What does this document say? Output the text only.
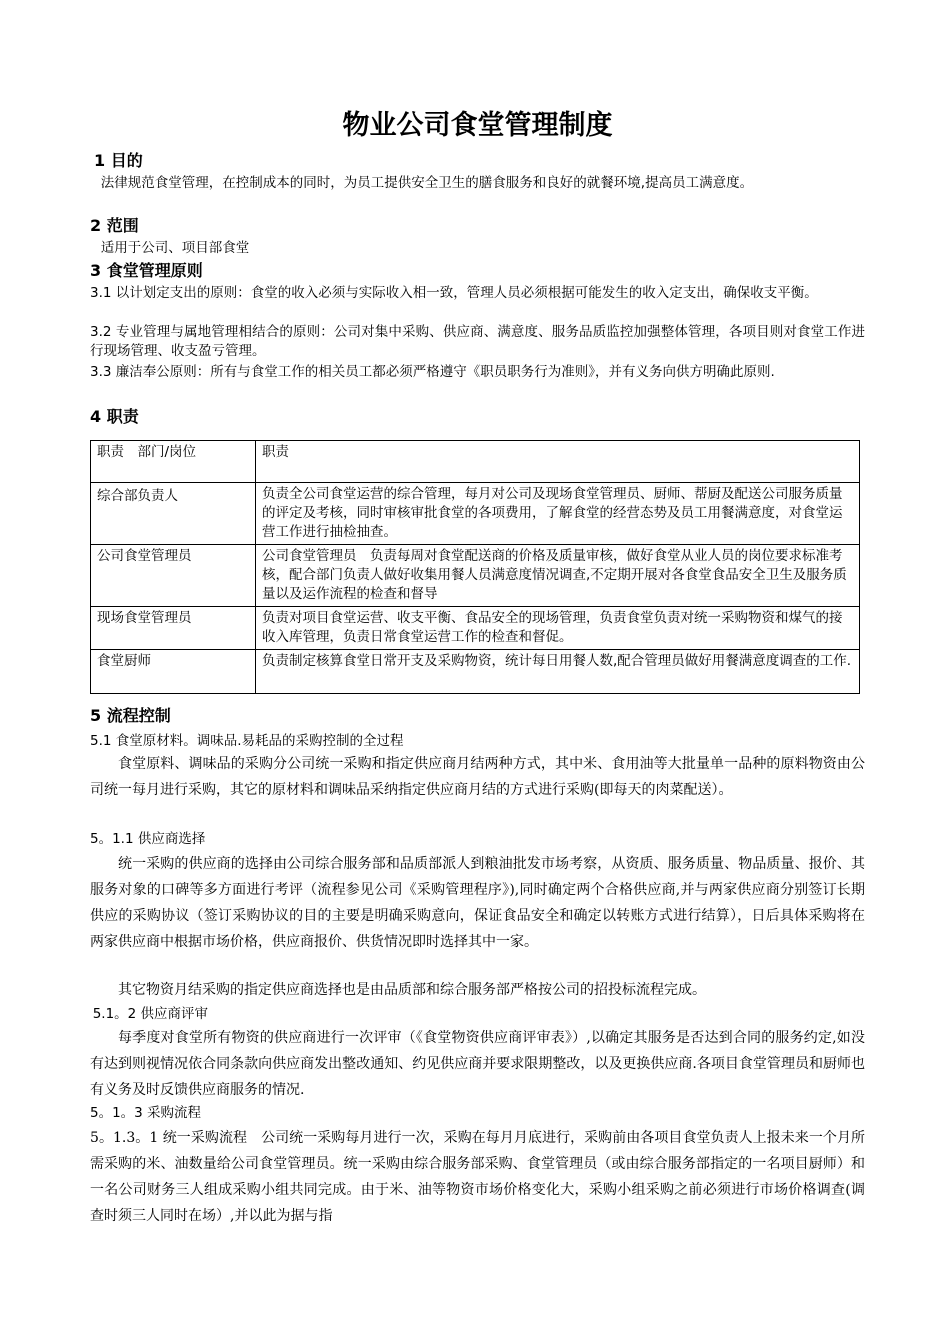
物业公司食堂管理制度
1 目的

法律规范食堂管理，在控制成本的同时，为员工提供安全卫生的膳食服务和良好的就餐环境,提高员工满意度。

2 范围

适用于公司、项目部食堂

3 食堂管理原则

3.1 以计划定支出的原则：食堂的收入必须与实际收入相一致，管理人员必须根据可能发生的收入定支出，确保收支平衡。

3.2 专业管理与属地管理相结合的原则：公司对集中采购、供应商、满意度、服务品质监控加强整体管理，各项目则对食堂工作进行现场管理、收支盈亏管理。

3.3 廉洁奉公原则：所有与食堂工作的相关员工都必须严格遵守《职员职务行为准则》，并有义务向供方明确此原则.

4 职责
职责　部门/岗位	职责
综合部负责人	负责全公司食堂运营的综合管理，每月对公司及现场食堂管理员、厨师、帮厨及配送公司服务质量的评定及考核，同时审核审批食堂的各项费用，了解食堂的经营态势及员工用餐满意度，对食堂运营工作进行抽检抽查。
公司食堂管理员	公司食堂管理员　负责每周对食堂配送商的价格及质量审核，做好食堂从业人员的岗位要求标准考核，配合部门负责人做好收集用餐人员满意度情况调查,不定期开展对各食堂食品安全卫生及服务质量以及运作流程的检查和督导
现场食堂管理员	负责对项目食堂运营、收支平衡、食品安全的现场管理，负责食堂负责对统一采购物资和煤气的接收入库管理，负责日常食堂运营工作的检查和督促。
食堂厨师	负责制定核算食堂日常开支及采购物资，统计每日用餐人数,配合管理员做好用餐满意度调查的工作.
5 流程控制

5.1 食堂原材料。调味品.易耗品的采购控制的全过程

食堂原料、调味品的采购分公司统一采购和指定供应商月结两种方式，其中米、食用油等大批量单一品种的原料物资由公司统一每月进行采购，其它的原材料和调味品采纳指定供应商月结的方式进行采购(即每天的肉菜配送）。

5。1.1 供应商选择

统一采购的供应商的选择由公司综合服务部和品质部派人到粮油批发市场考察，从资质、服务质量、物品质量、报价、其服务对象的口碑等多方面进行考评（流程参见公司《采购管理程序》),同时确定两个合格供应商,并与两家供应商分别签订长期供应的采购协议（签订采购协议的目的主要是明确采购意向，保证食品安全和确定以转账方式进行结算），日后具体采购将在两家供应商中根据市场价格，供应商报价、供货情况即时选择其中一家。

其它物资月结采购的指定供应商选择也是由品质部和综合服务部严格按公司的招投标流程完成。

5.1。2 供应商评审

每季度对食堂所有物资的供应商进行一次评审（《食堂物资供应商评审表》）,以确定其服务是否达到合同的服务约定,如没有达到则视情况依合同条款向供应商发出整改通知、约见供应商并要求限期整改，以及更换供应商.各项目食堂管理员和厨师也有义务及时反馈供应商服务的情况.

5。1。3 采购流程

5。1.3。1 统一采购流程　公司统一采购每月进行一次，采购在每月月底进行，采购前由各项目食堂负责人上报未来一个月所需采购的米、油数量给公司食堂管理员。统一采购由综合服务部采购、食堂管理员（或由综合服务部指定的一名项目厨师）和一名公司财务三人组成采购小组共同完成。由于米、油等物资市场价格变化大，采购小组采购之前必须进行市场价格调查(调查时须三人同时在场）,并以此为据与指
